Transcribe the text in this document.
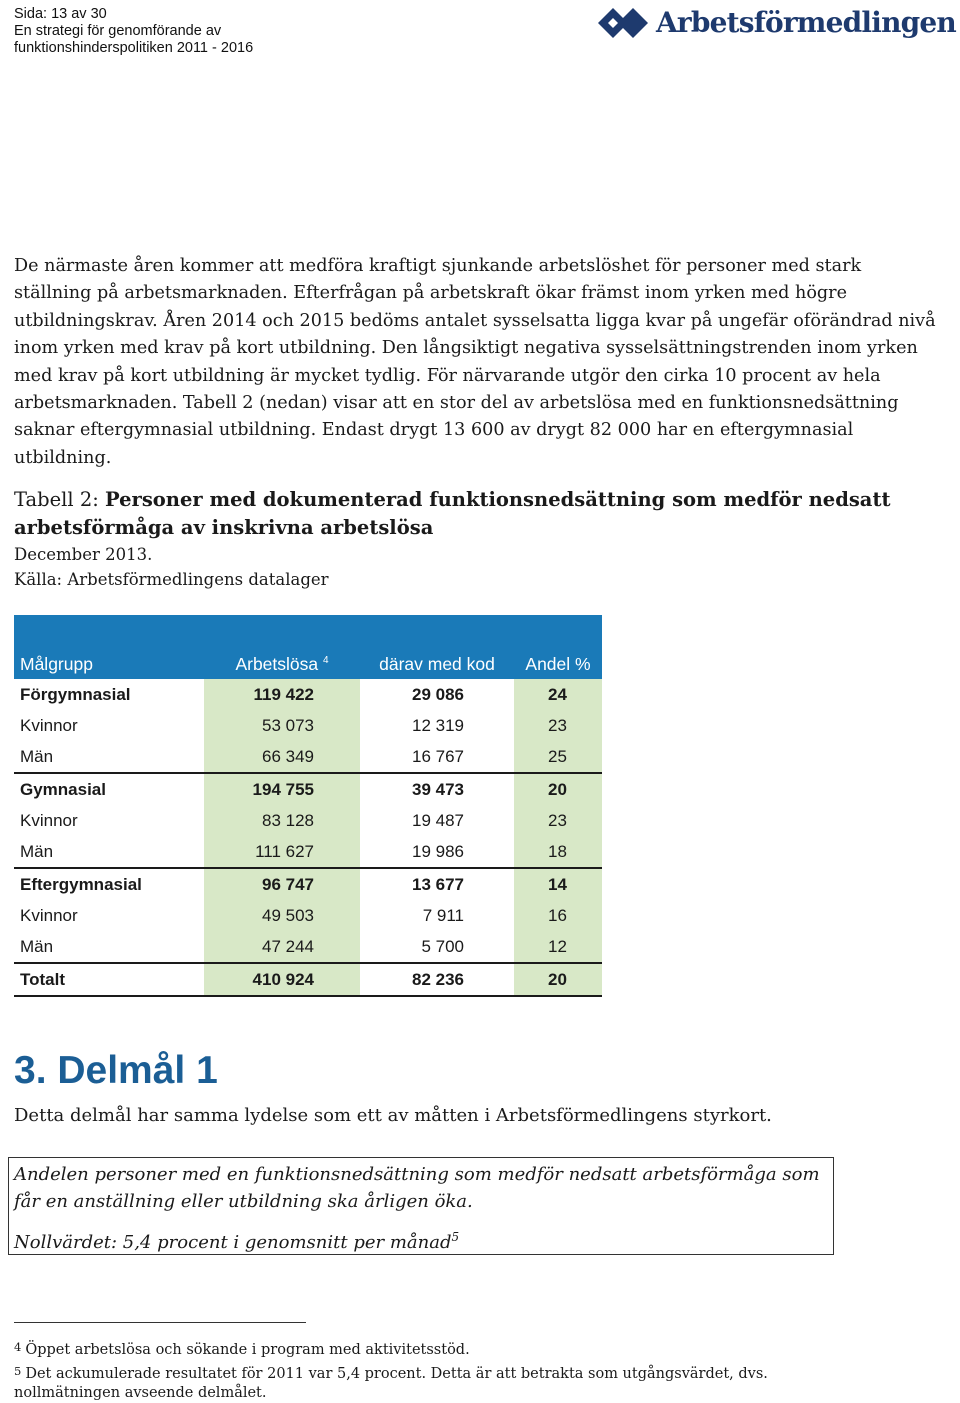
Sida: 13 av 30
En strategi för genomförande av
funktionshinderspolitiken 2011 - 2016
Arbetsförmedlingen
De närmaste åren kommer att medföra kraftigt sjunkande arbetslöshet för personer med stark ställning på arbetsmarknaden. Efterfrågan på arbetskraft ökar främst inom yrken med högre utbildningskrav. Åren 2014 och 2015 bedöms antalet sysselsatta ligga kvar på ungefär oförändrad nivå inom yrken med krav på kort utbildning. Den långsiktigt negativa sysselsättningstrenden inom yrken med krav på kort utbildning är mycket tydlig. För närvarande utgör den cirka 10 procent av hela arbetsmarknaden. Tabell 2 (nedan) visar att en stor del av arbetslösa med en funktionsnedsättning saknar eftergymnasial utbildning. Endast drygt 13 600 av drygt 82 000 har en eftergymnasial utbildning.
Tabell 2: Personer med dokumenterad funktionsnedsättning som medför nedsatt arbetsförmåga av inskrivna arbetslösa
December 2013.
Källa: Arbetsförmedlingens datalager
Målgrupp	Arbetslösa $^4$	därav med kod	Andel %
Förgymnasial	119 422	29 086	24
Kvinnor	53 073	12 319	23
Män	66 349	16 767	25
Gymnasial	194 755	39 473	20
Kvinnor	83 128	19 487	23
Män	111 627	19 986	18
Eftergymnasial	96 747	13 677	14
Kvinnor	49 503	7 911	16
Män	47 244	5 700	12
Totalt	410 924	82 236	20
3. Delmål 1
Detta delmål har samma lydelse som ett av måtten i Arbetsförmedlingens styrkort.
Andelen personer med en funktionsnedsättning som medför nedsatt arbetsförmåga som får en anställning eller utbildning ska årligen öka.
Nollvärdet: 5,4 procent i genomsnitt per månad$^5$
$^4$ Öppet arbetslösa och sökande i program med aktivitetsstöd.
$^5$ Det ackumulerade resultatet för 2011 var 5,4 procent. Detta är att betrakta som utgångsvärdet, dvs.
nollmätningen avseende delmålet.
